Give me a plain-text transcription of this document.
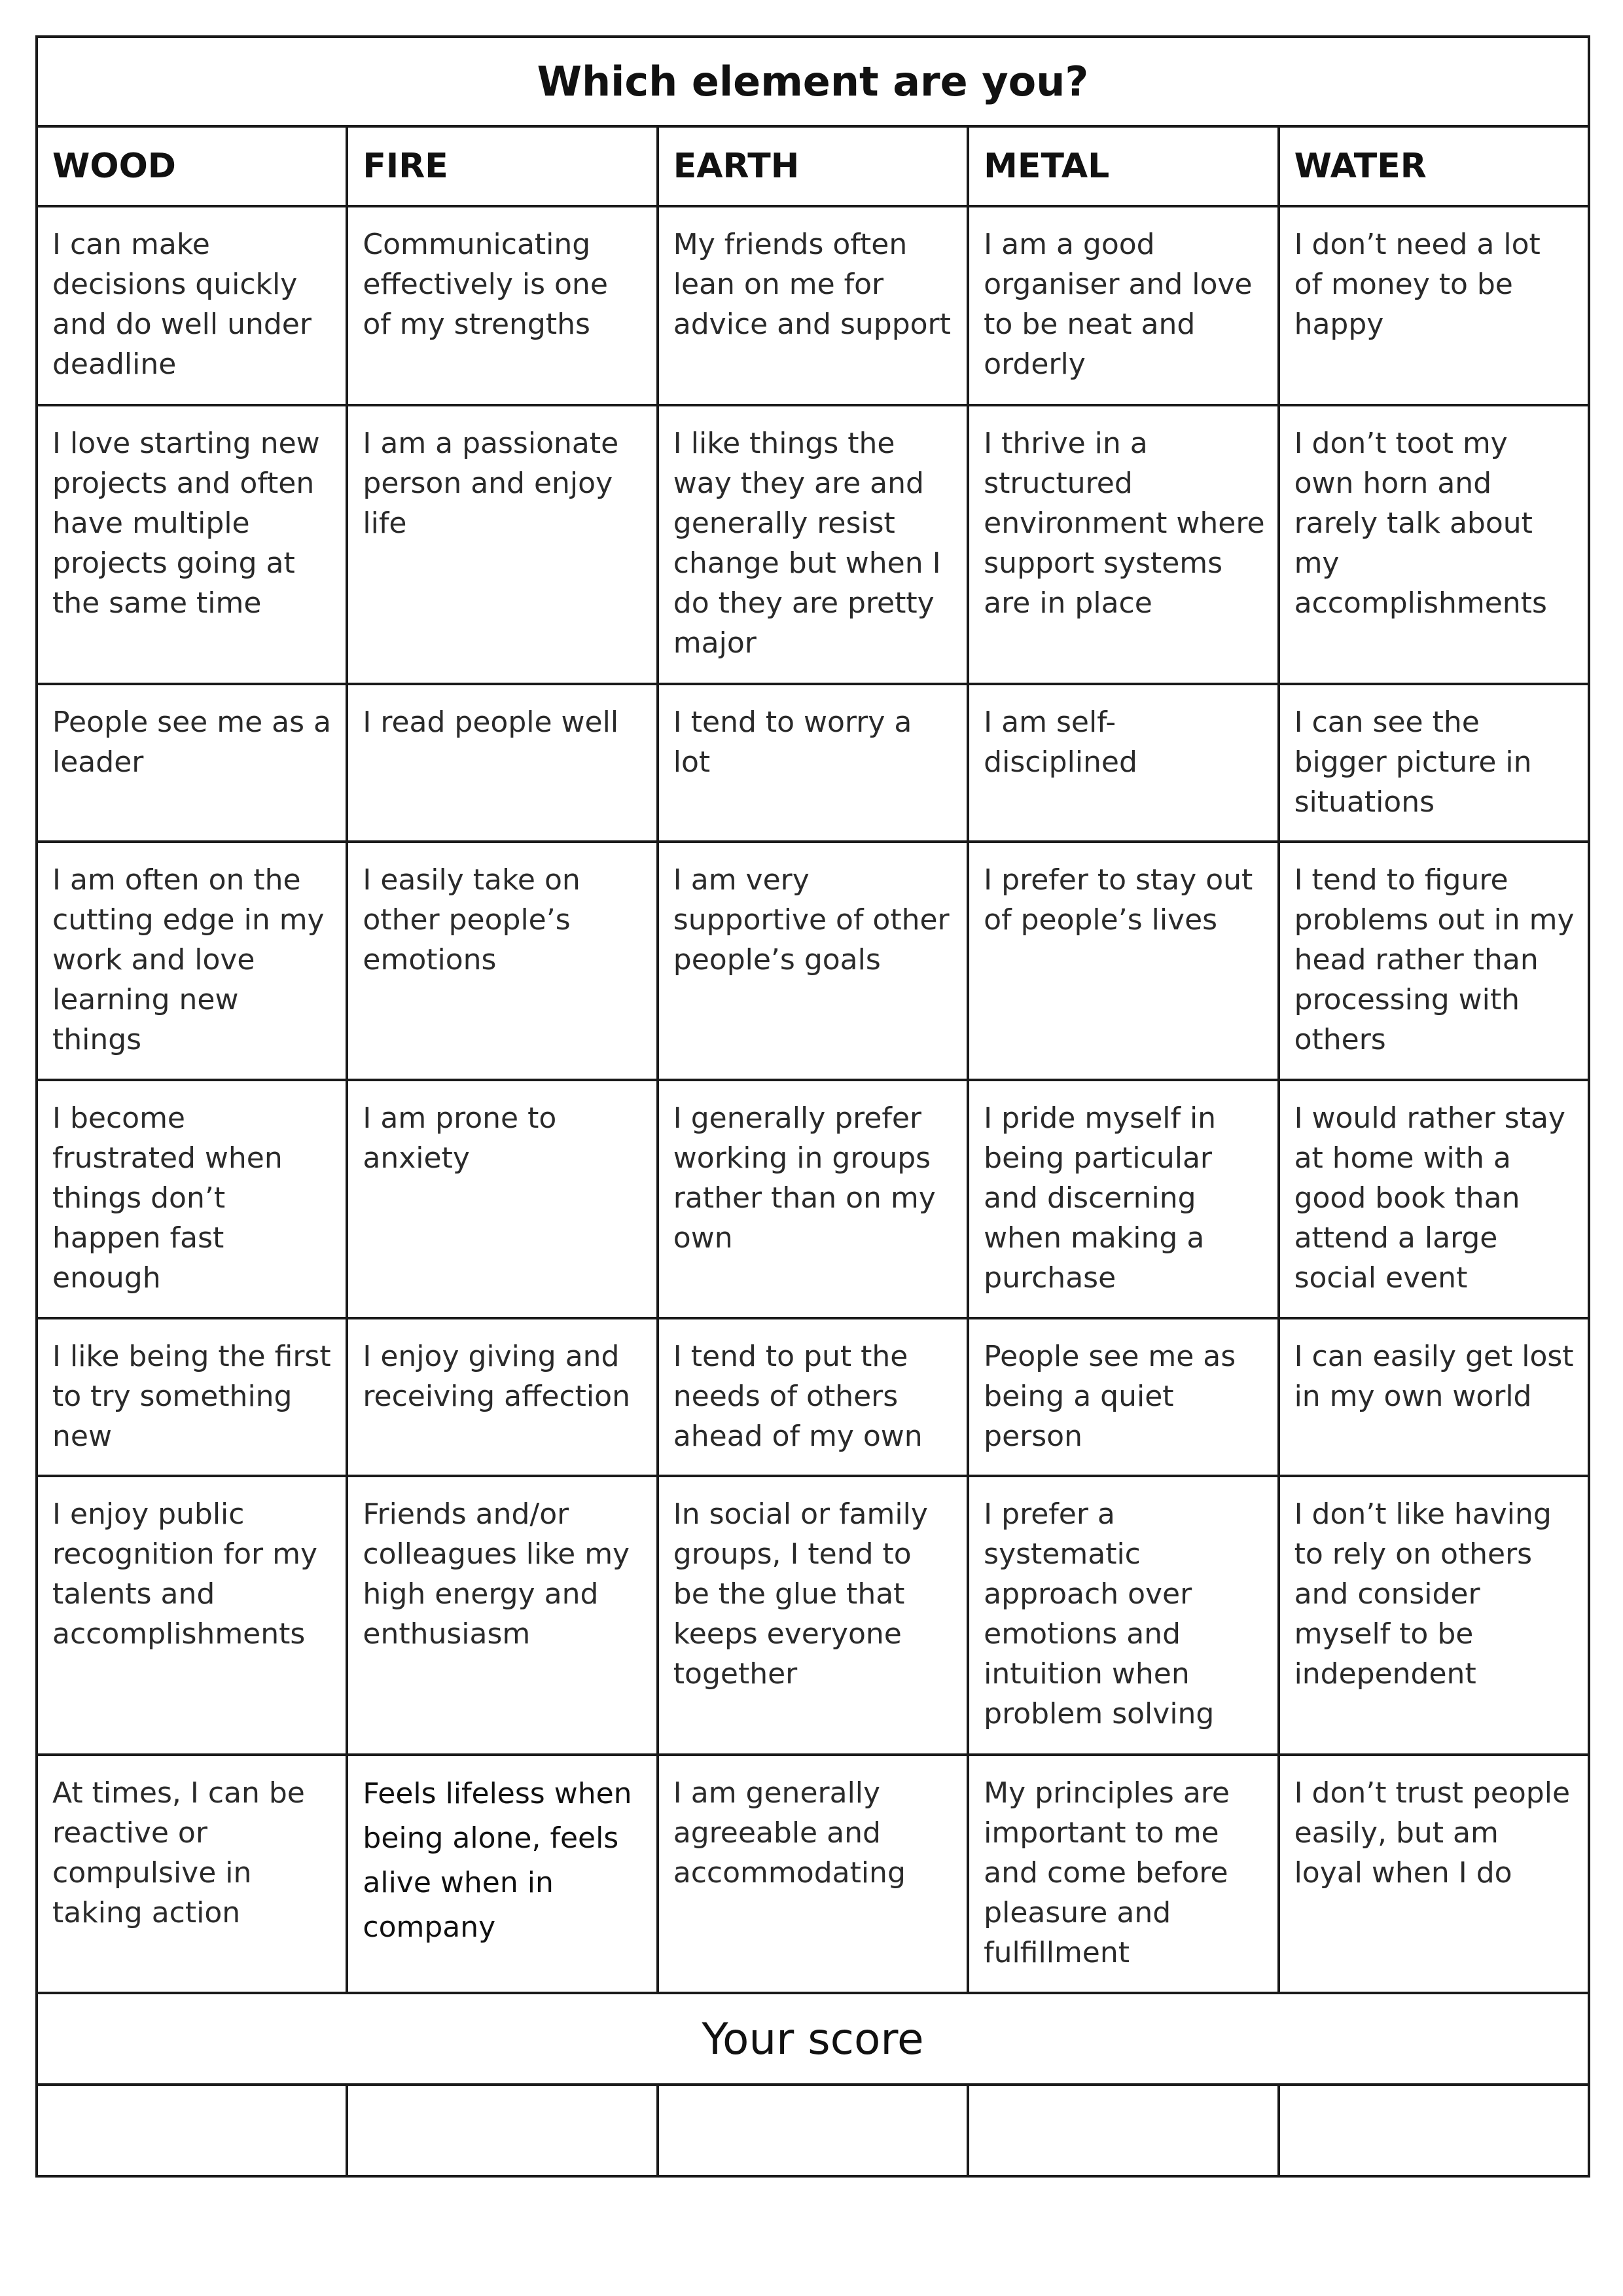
Which element are you?				
WOOD	FIRE	EARTH	METAL	WATER
I can make decisions quickly and do well under deadline	Communicating effectively is one of my strengths	My friends often lean on me for advice and support	I am a good organiser and love to be neat and orderly	I don’t need a lot of money to be happy
I love starting new projects and often have multiple projects going at the same time	I am a passionate person and enjoy life	I like things the way they are and generally resist change but when I do they are pretty major	I thrive in a structured environment where support systems are in place	I don’t toot my own horn and rarely talk about my accomplishments
People see me as a leader	I read people well	I tend to worry a lot	I am self-disciplined	I can see the bigger picture in situations
I am often on the cutting edge in my work and love learning new things	I easily take on other people’s emotions	I am very supportive of other people’s goals	I prefer to stay out of people’s lives	I tend to figure problems out in my head rather than processing with others
I become frustrated when things don’t happen fast enough	I am prone to anxiety	I generally prefer working in groups rather than on my own	I pride myself in being particular and discerning when making a purchase	I would rather stay at home with a good book than attend a large social event
I like being the first to try something new	I enjoy giving and receiving affection	I tend to put the needs of others ahead of my own	People see me as being a quiet person	I can easily get lost in my own world
I enjoy public recognition for my talents and accomplishments	Friends and/or colleagues like my high energy and enthusiasm	In social or family groups, I tend to be the glue that keeps everyone together	I prefer a systematic approach over emotions and intuition when problem solving	I don’t like having to rely on others and consider myself to be independent
At times, I can be reactive or compulsive in taking action	Feels lifeless when being alone, feels alive when in company	I am generally agreeable and accommodating	My principles are important to me and come before pleasure and fulfillment	I don’t trust people easily, but am loyal when I do
Your score				
